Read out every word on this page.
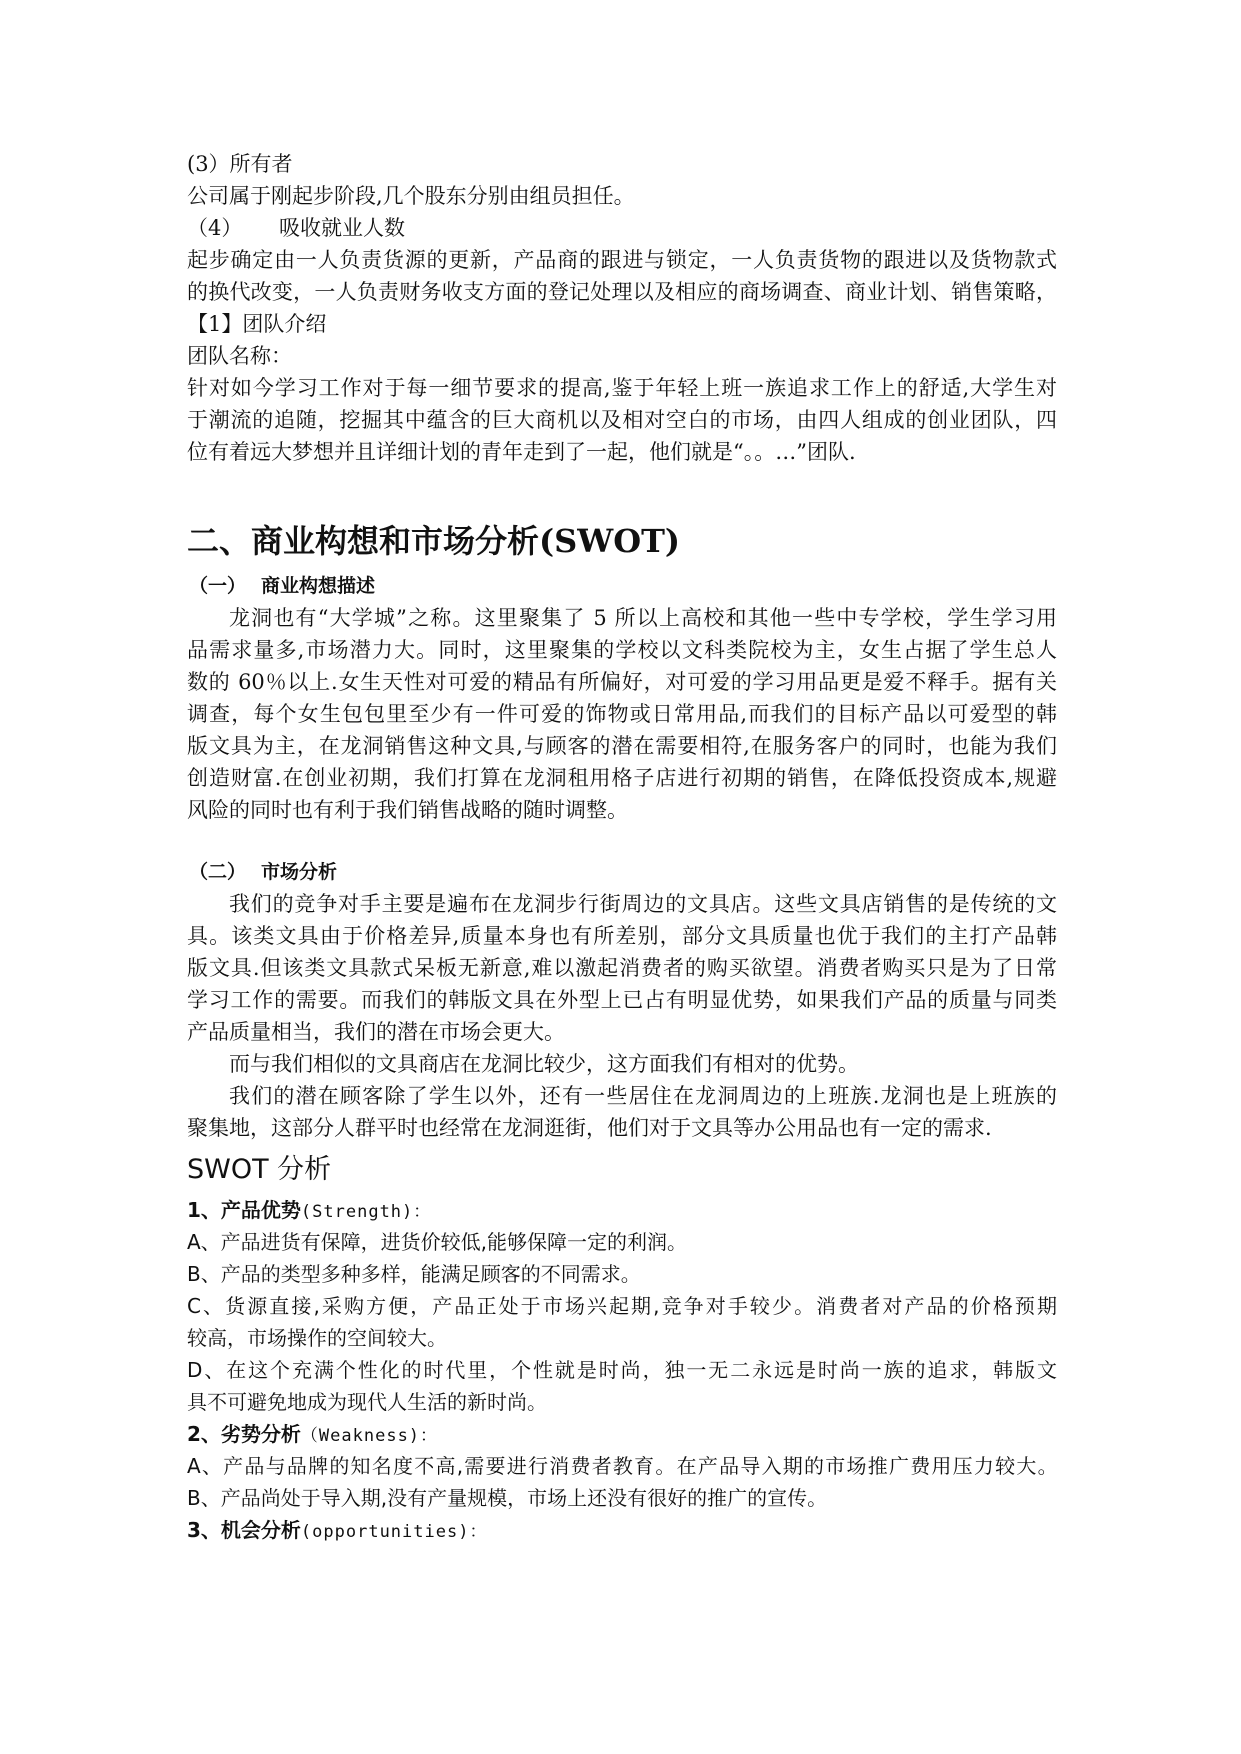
(3）所有者
公司属于刚起步阶段,几个股东分别由组员担任。
（4） 吸收就业人数
起步确定由一人负责货源的更新，产品商的跟进与锁定，一人负责货物的跟进以及货物款式
的换代改变，一人负责财务收支方面的登记处理以及相应的商场调查、商业计划、销售策略，
【1】团队介绍
团队名称：
针对如今学习工作对于每一细节要求的提高,鉴于年轻上班一族追求工作上的舒适,大学生对
于潮流的追随，挖掘其中蕴含的巨大商机以及相对空白的市场，由四人组成的创业团队，四
位有着远大梦想并且详细计划的青年走到了一起，他们就是“。。…”团队.
二、商业构想和市场分析(SWOT)
（一） 商业构想描述
龙洞也有“大学城”之称。这里聚集了 5 所以上高校和其他一些中专学校，学生学习用
品需求量多,市场潜力大。同时，这里聚集的学校以文科类院校为主，女生占据了学生总人
数的 60％以上.女生天性对可爱的精品有所偏好，对可爱的学习用品更是爱不释手。据有关
调查，每个女生包包里至少有一件可爱的饰物或日常用品,而我们的目标产品以可爱型的韩
版文具为主，在龙洞销售这种文具,与顾客的潜在需要相符,在服务客户的同时，也能为我们
创造财富.在创业初期，我们打算在龙洞租用格子店进行初期的销售，在降低投资成本,规避
风险的同时也有利于我们销售战略的随时调整。
（二） 市场分析
我们的竞争对手主要是遍布在龙洞步行街周边的文具店。这些文具店销售的是传统的文
具。该类文具由于价格差异,质量本身也有所差别，部分文具质量也优于我们的主打产品韩
版文具.但该类文具款式呆板无新意,难以激起消费者的购买欲望。消费者购买只是为了日常
学习工作的需要。而我们的韩版文具在外型上已占有明显优势，如果我们产品的质量与同类
产品质量相当，我们的潜在市场会更大。
而与我们相似的文具商店在龙洞比较少，这方面我们有相对的优势。
我们的潜在顾客除了学生以外，还有一些居住在龙洞周边的上班族.龙洞也是上班族的
聚集地，这部分人群平时也经常在龙洞逛街，他们对于文具等办公用品也有一定的需求.
SWOT 分析
1、产品优势(Strength)：
A、产品进货有保障，进货价较低,能够保障一定的利润。
B、产品的类型多种多样，能满足顾客的不同需求。
C、货源直接,采购方便，产品正处于市场兴起期,竞争对手较少。消费者对产品的价格预期
较高，市场操作的空间较大。
D、在这个充满个性化的时代里，个性就是时尚，独一无二永远是时尚一族的追求，韩版文
具不可避免地成为现代人生活的新时尚。
2、劣势分析（Weakness)：
A、产品与品牌的知名度不高,需要进行消费者教育。在产品导入期的市场推广费用压力较大。
B、产品尚处于导入期,没有产量规模，市场上还没有很好的推广的宣传。
3、机会分析(opportunities)：
